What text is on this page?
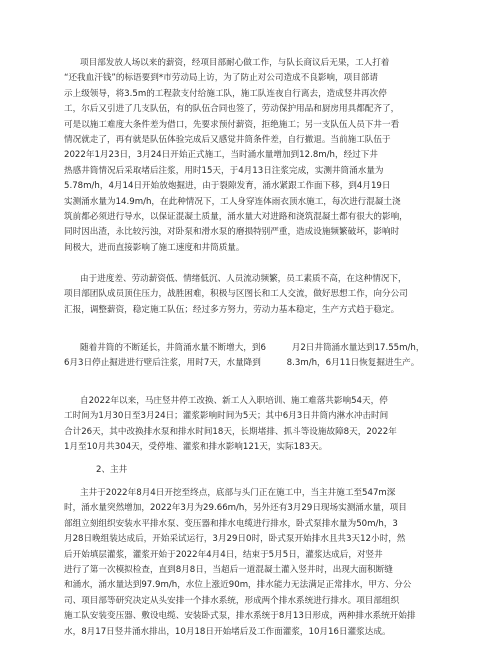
项目部发放人场以来的薪资，经项目部耐心做工作，与队长商议后无果，工人打着
“还我血汗钱”的标语要到*市劳动局上访，为了防止对公司造成不良影响，项目部请
示上级领导，将3.5m的工程款支付给施工队，施工队连夜自行离去，造成竖井再次停
工，尔后又引进了几支队伍，有的队伍合同也签了，劳动保护用品和厨房用具都配齐了，
可是以施工难度大条件差为借口，先要求预付薪资，拒绝施工；另一支队伍人员下井一看
情况就走了，再有就是队伍体验完成后又感觉井筒条件差，自行撤退。当前施工队伍于
2022年1月23日，3月24日开始正式施工，当时涌水量增加到12.8m/h，经过下井
热感井筒情况后采取堵后注浆，用时15天，于4月13日注浆完成，实测井筒涌水量为
5.78m/h，4月14日开始放炮掘进，由于裂隙发育，涌水紧跟工作面下移，到4月19日
实测涌水量为14.9m/h，在此种情况下，工人身穿连体雨衣顶水施工，每次进行混凝土浇
筑前都必须进行导水，以保证混凝土质量，涌水量大对进路和浇筑混凝土都有很大的影响，
同时因出渣，永比较污浊，对卧泵和滑水泵的磨损特别严重，造成设施频繁破坏，影响时
间极大，进而直接影响了施工速度和井筒质量。
由于进度差、劳动薪资低、情绪低沉、人员流动频繁，员工素质不高，在这种情况下，
项目部团队成员顶住压力，战胜困难，积极与区图长和工人交流，做好思想工作，向分公司
汇报，调整薪资，稳定施工队伍；经过多方努力，劳动力基本稳定，生产方式趋于稳定。
随着井筒的不断延长，井筒涌水量不断增大，到6　　　月2日井筒涌水量达到17.55m/h，
6月3日停止掘进进行壁后注浆，用时7天，水量降到　　　8.3m/h，6月11日恢复掘进生产。
自2022年以来，马庄竖井停工改换、新工人入职培训、施工难落共影响54天，停
工时间为1月30日至3月24日；灌浆影响时间为5天；其中6月3日井筒内淋水冲击时间
合计26天，其中改换排水泵和排水时间18天，长期堵排、抓斗等设施故障8天，2022年
1月至10月共304天，受停堆、灌浆和排水影响121天，实际183天。
2、主井
主井于2022年8月4日开挖至终点，底部与头门正在施工中，当主井施工至547m深
时，涌水量突然增加，2022年3月为29.66m/h，另外还有3月29日现场实测涌水量，项目
部组立刻组织安装水平排水泵、变压器和排水电缆进行排水，卧式泵排水量为50m/h，3
月28日晚组装达成后，开始采试运行，3月29日0时，卧式泵开始排水且共3天12小时，然
后开始填层灌浆，灌浆开始于2022年4月4日，结束于5月5日，灌浆达成后，对竖井
进行了第一次模拟检查，直到8月8日，当超后一道混凝土灌入竖井时，出现大面积断缝
和涌水，涌水量达到97.9m/h，水位上涨近90m，排水能力无法满足正常排水，甲方、分公
司、项目部等研究决定从头安排一个排水系统，形成两个排水系统进行排水。项目部组织
施工队安装变压器、敷设电缆、安装卧式泵，排水系统于8月13日形成，两种排水系统开始排
水，8月17日竖井涌水排出，10月18日开始堵后及工作面灌浆，10月16日灌浆达成。
